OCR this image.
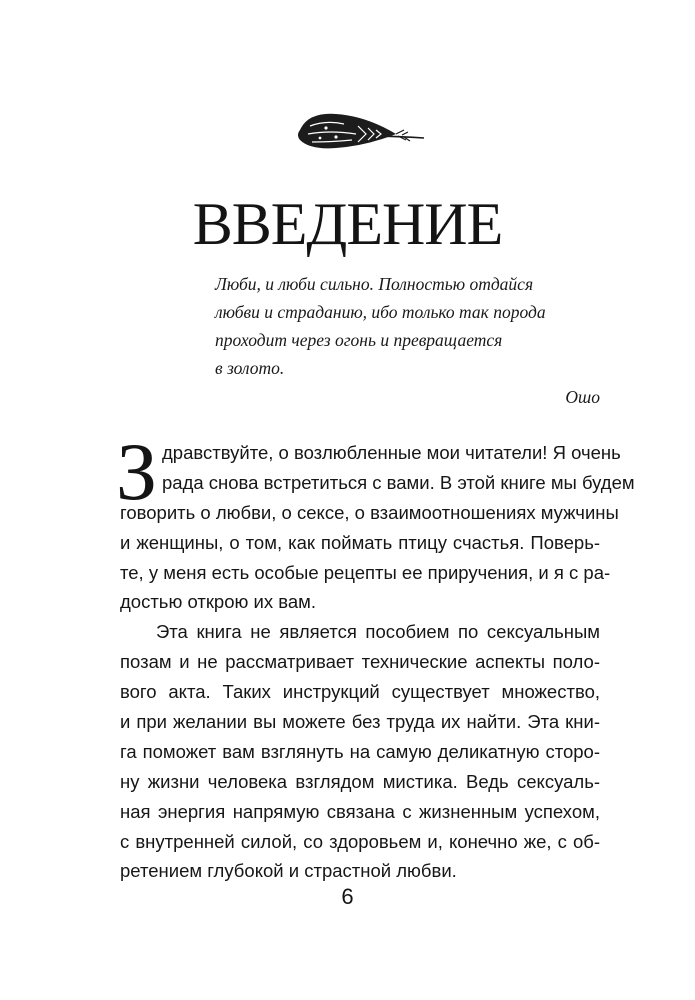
ВВЕДЕНИЕ
Люби, и люби сильно. Полностью отдайся
любви и страданию, ибо только так порода
проходит через огонь и превращается
в золото.
Ошо
З дравствуйте, о возлюбленные мои читатели! Я очень
рада снова встретиться с вами. В этой книге мы будем
говорить о любви, о сексе, о взаимоотношениях мужчины
и женщины, о том, как поймать птицу счастья. Поверь-
те, у меня есть особые рецепты ее приручения, и я с ра-
достью открою их вам.
Эта книга не является пособием по сексуальным
позам и не рассматривает технические аспекты поло-
вого акта. Таких инструкций существует множество,
и при желании вы можете без труда их найти. Эта кни-
га поможет вам взглянуть на самую деликатную сторо-
ну жизни человека взглядом мистика. Ведь сексуаль-
ная энергия напрямую связана с жизненным успехом,
с внутренней силой, со здоровьем и, конечно же, с об-
ретением глубокой и страстной любви.
6
